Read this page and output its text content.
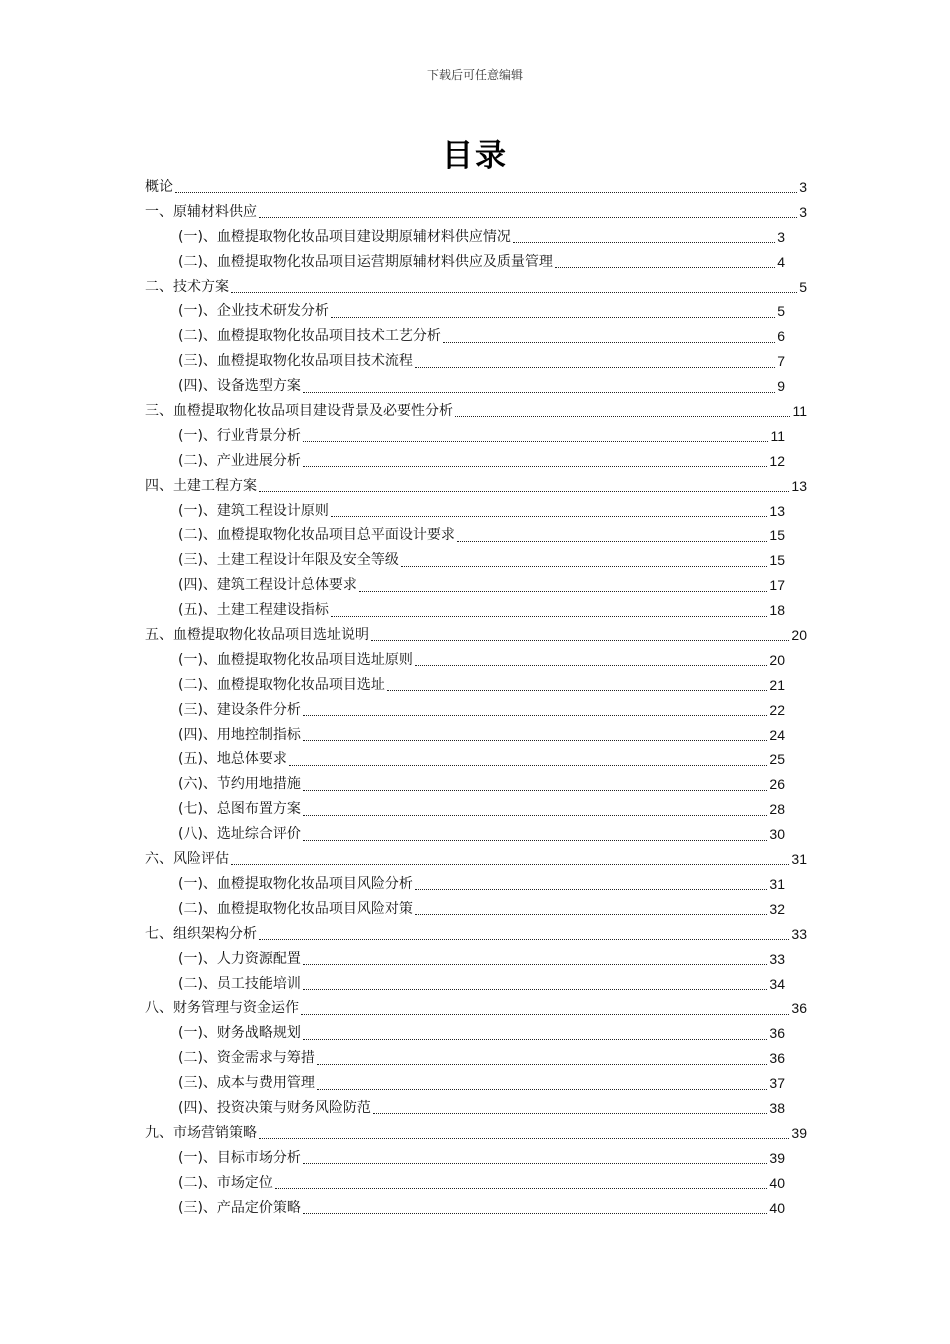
下载后可任意编辑
目录
概论	3
一、原辅材料供应	3
(一)、血橙提取物化妆品项目建设期原辅材料供应情况	3
(二)、血橙提取物化妆品项目运营期原辅材料供应及质量管理	4
二、技术方案	5
(一)、企业技术研发分析	5
(二)、血橙提取物化妆品项目技术工艺分析	6
(三)、血橙提取物化妆品项目技术流程	7
(四)、设备选型方案	9
三、血橙提取物化妆品项目建设背景及必要性分析	11
(一)、行业背景分析	11
(二)、产业进展分析	12
四、土建工程方案	13
(一)、建筑工程设计原则	13
(二)、血橙提取物化妆品项目总平面设计要求	15
(三)、土建工程设计年限及安全等级	15
(四)、建筑工程设计总体要求	17
(五)、土建工程建设指标	18
五、血橙提取物化妆品项目选址说明	20
(一)、血橙提取物化妆品项目选址原则	20
(二)、血橙提取物化妆品项目选址	21
(三)、建设条件分析	22
(四)、用地控制指标	24
(五)、地总体要求	25
(六)、节约用地措施	26
(七)、总图布置方案	28
(八)、选址综合评价	30
六、风险评估	31
(一)、血橙提取物化妆品项目风险分析	31
(二)、血橙提取物化妆品项目风险对策	32
七、组织架构分析	33
(一)、人力资源配置	33
(二)、员工技能培训	34
八、财务管理与资金运作	36
(一)、财务战略规划	36
(二)、资金需求与筹措	36
(三)、成本与费用管理	37
(四)、投资决策与财务风险防范	38
九、市场营销策略	39
(一)、目标市场分析	39
(二)、市场定位	40
(三)、产品定价策略	40
